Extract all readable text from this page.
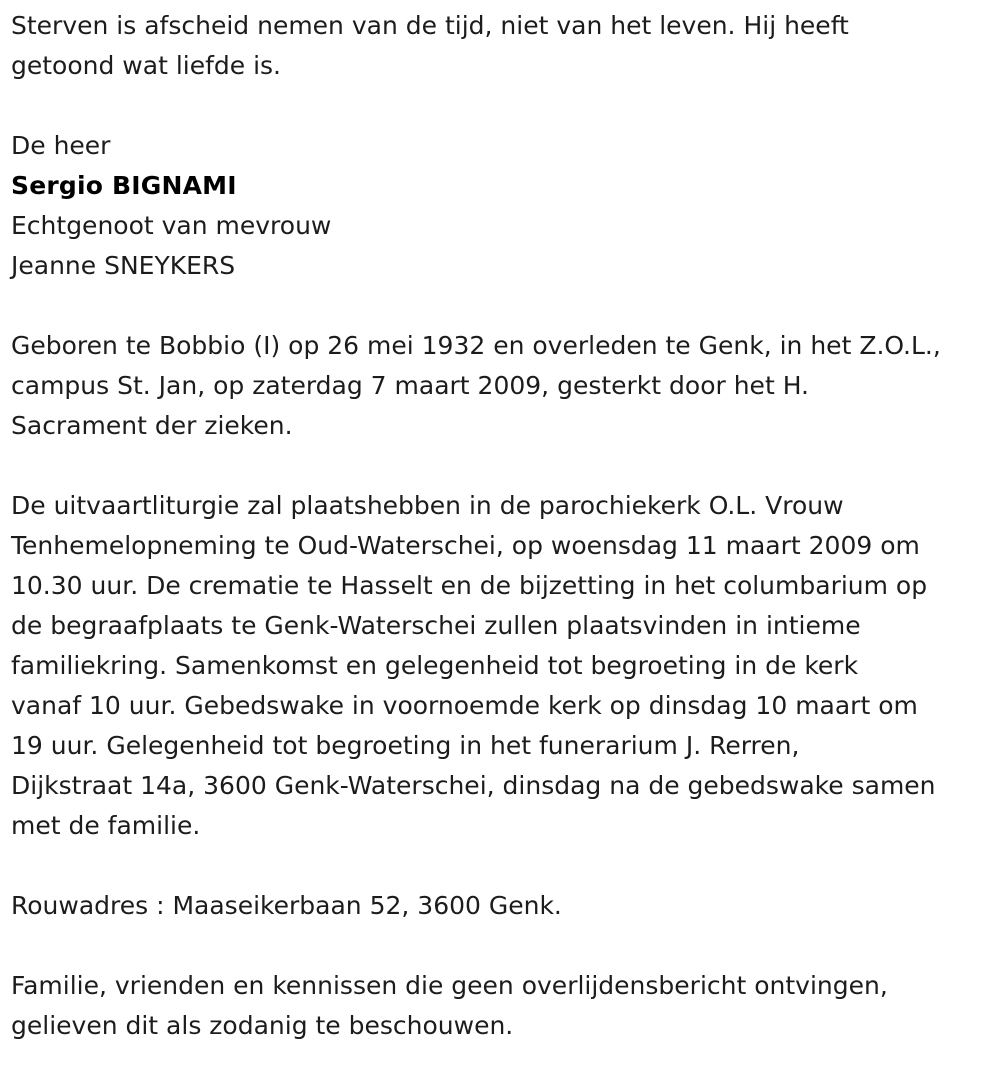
Sterven is afscheid nemen van de tijd, niet van het leven. Hij heeft
getoond wat liefde is.

De heer

Sergio BIGNAMI

Echtgenoot van mevrouw

Jeanne SNEYKERS

Geboren te Bobbio (I) op 26 mei 1932 en overleden te Genk, in het Z.O.L.,
campus St. Jan, op zaterdag 7 maart 2009, gesterkt door het H.
Sacrament der zieken.

De uitvaartliturgie zal plaatshebben in de parochiekerk O.L. Vrouw
Tenhemelopneming te Oud-Waterschei, op woensdag 11 maart 2009 om
10.30 uur. De crematie te Hasselt en de bijzetting in het columbarium op
de begraafplaats te Genk-Waterschei zullen plaatsvinden in intieme
familiekring. Samenkomst en gelegenheid tot begroeting in de kerk
vanaf 10 uur. Gebedswake in voornoemde kerk op dinsdag 10 maart om
19 uur. Gelegenheid tot begroeting in het funerarium J. Rerren,
Dijkstraat 14a, 3600 Genk-Waterschei, dinsdag na de gebedswake samen
met de familie.

Rouwadres : Maaseikerbaan 52, 3600 Genk.

Familie, vrienden en kennissen die geen overlijdensbericht ontvingen,
gelieven dit als zodanig te beschouwen.
